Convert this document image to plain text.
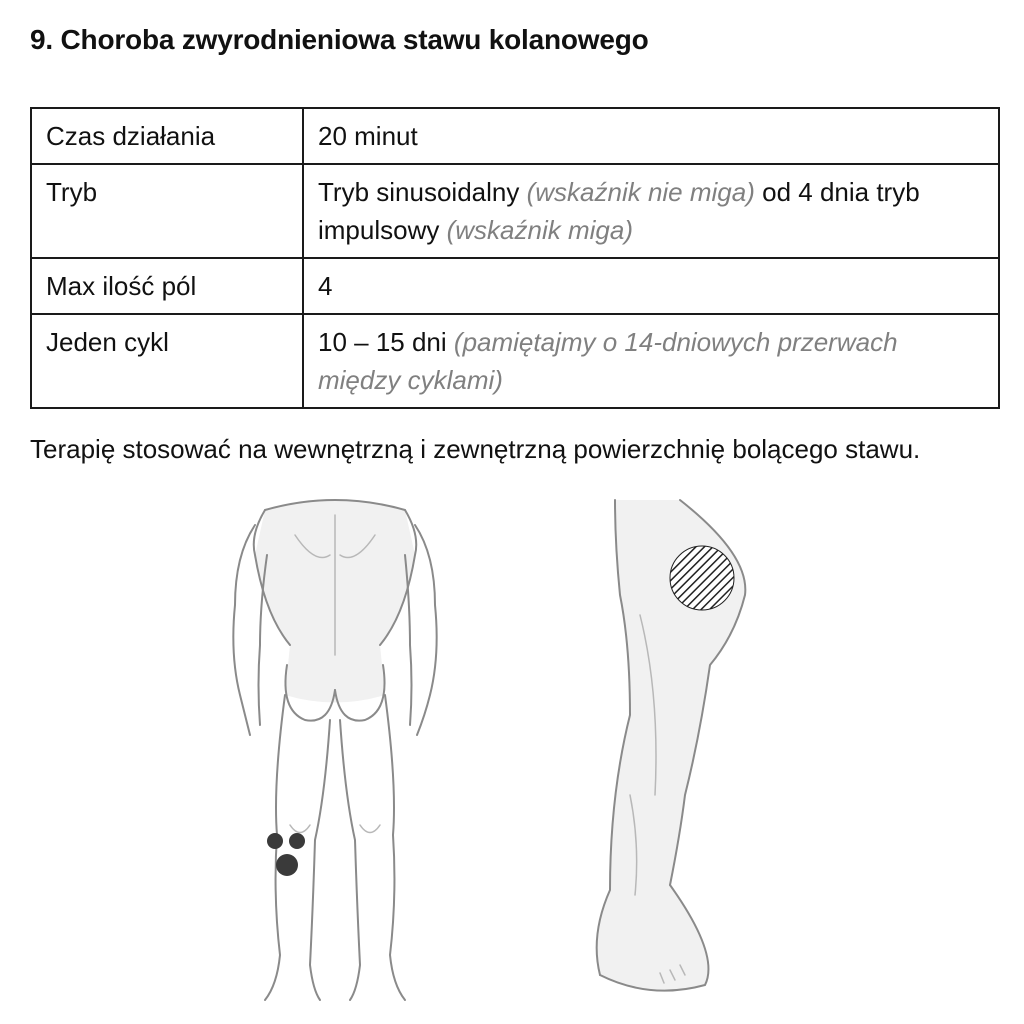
9. Choroba zwyrodnieniowa stawu kolanowego
Czas działania	20 minut
Tryb	Tryb sinusoidalny (wskaźnik nie miga) od 4 dnia tryb impulsowy (wskaźnik miga)
Max ilość pól	4
Jeden cykl	10 – 15 dni (pamiętajmy o 14-dniowych przerwach między cyklami)

Terapię stosować na wewnętrzną i zewnętrzną powierzchnię bolącego stawu.
